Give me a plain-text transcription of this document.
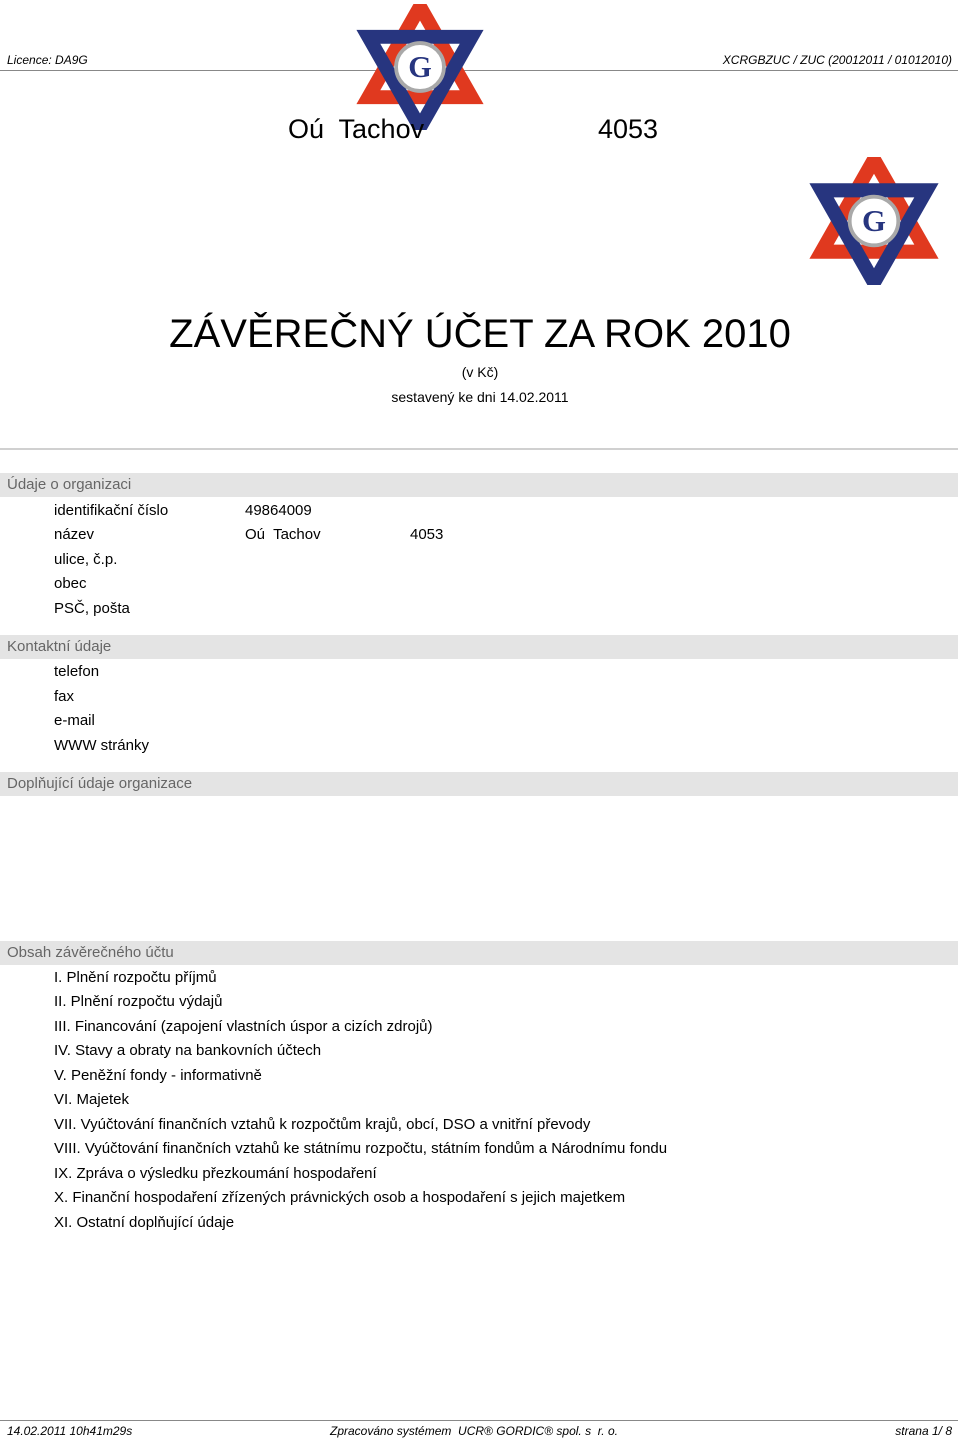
Licence: DA9G	XCRGBZUC / ZUC (20012011 / 01012010)
G
Oú  Tachov	4053
G
ZÁVĚREČNÝ ÚČET ZA ROK 2010
(v Kč)
sestavený ke dni 14.02.2011
Údaje o organizaci
identifikační číslo	49864009
název	Oú  Tachov	4053
ulice, č.p.
obec
PSČ, pošta
Kontaktní údaje
telefon
fax
e-mail
WWW stránky
Doplňující údaje organizace
Obsah závěrečného účtu
I. Plnění rozpočtu příjmů
II. Plnění rozpočtu výdajů
III. Financování (zapojení vlastních úspor a cizích zdrojů)
IV. Stavy a obraty na bankovních účtech
V. Peněžní fondy - informativně
VI. Majetek
VII. Vyúčtování finančních vztahů k rozpočtům krajů, obcí, DSO a vnitřní převody
VIII. Vyúčtování finančních vztahů ke státnímu rozpočtu, státním fondům a Národnímu fondu
IX. Zpráva o výsledku přezkoumání hospodaření
X. Finanční hospodaření zřízených právnických osob a hospodaření s jejich majetkem
XI. Ostatní doplňující údaje
14.02.2011 10h41m29s	Zpracováno systémem  UCR® GORDIC® spol. s  r. o.	strana 1/ 8
